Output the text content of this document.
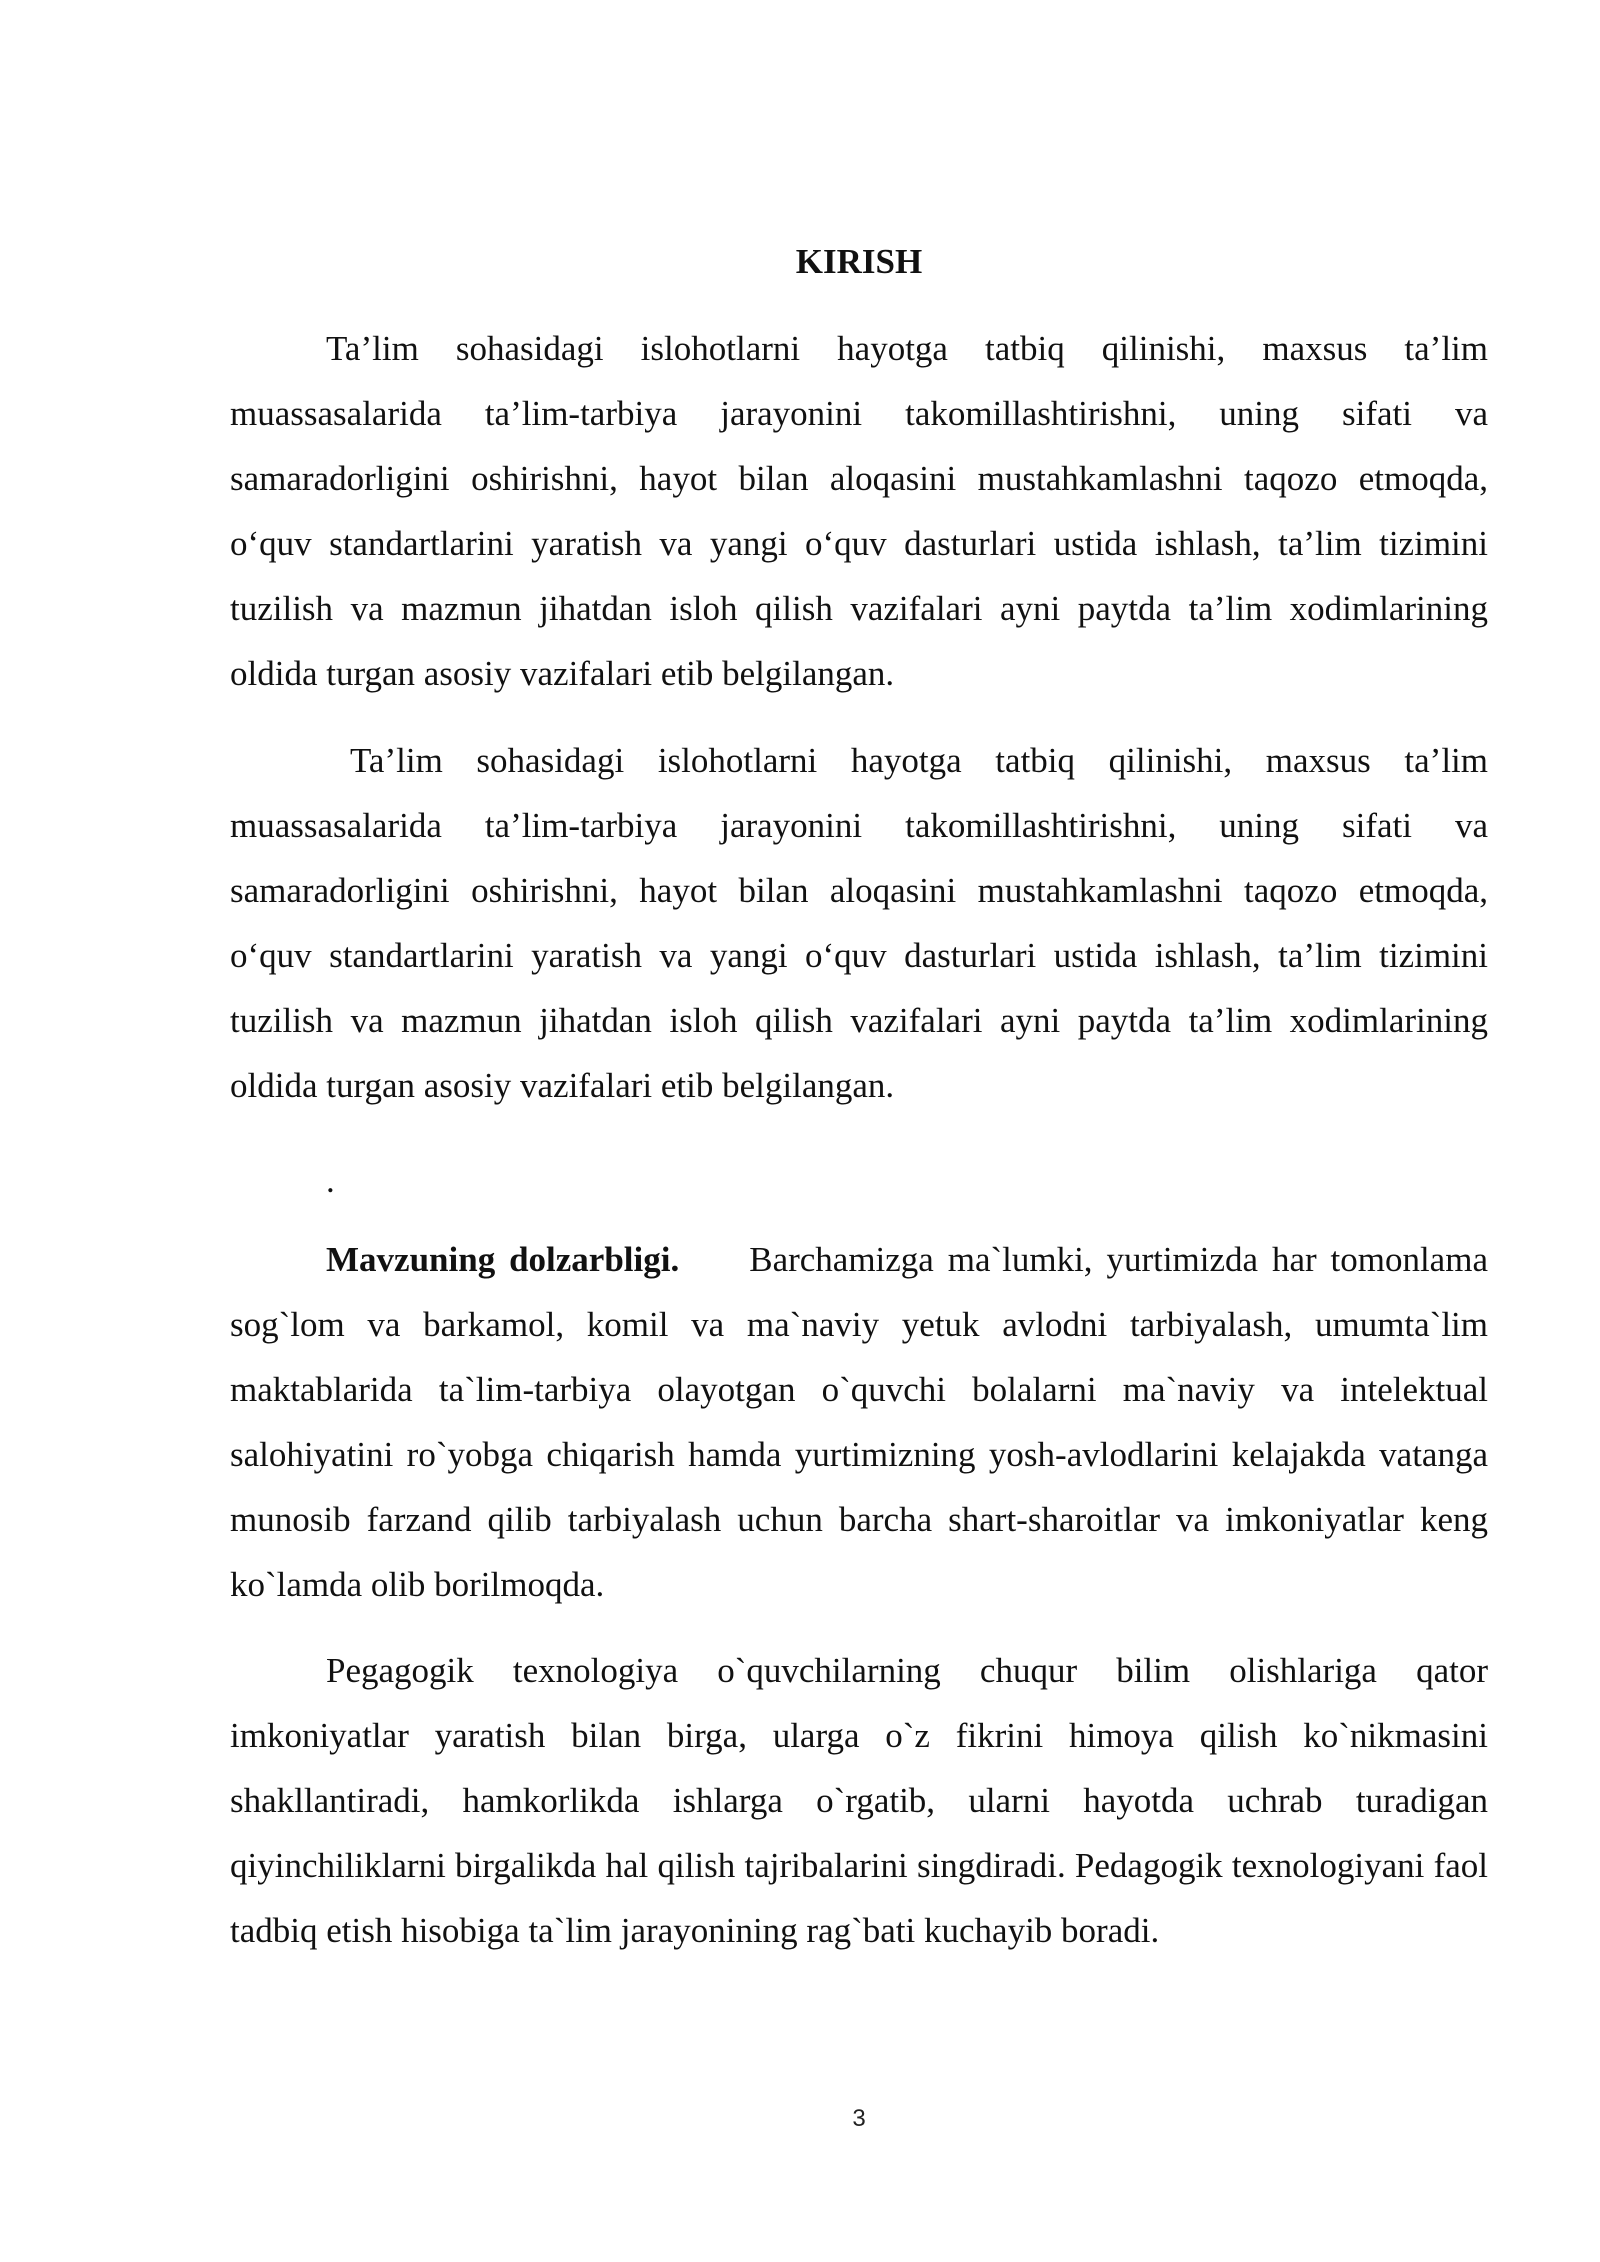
KIRISH

Ta’lim sohasidagi islohotlarni hayotga tatbiq qilinishi, maxsus ta’lim muassasalarida ta’lim-tarbiya jarayonini takomillashtirishni, uning sifati va samaradorligini oshirishni, hayot bilan aloqasini mustahkamlashni taqozo etmoqda, o‘quv standartlarini yaratish va yangi o‘quv dasturlari ustida ishlash, ta’lim tizimini tuzilish va mazmun jihatdan isloh qilish vazifalari ayni paytda ta’lim xodimlarining oldida turgan asosiy vazifalari etib belgilangan.

Ta’lim sohasidagi islohotlarni hayotga tatbiq qilinishi, maxsus ta’lim muassasalarida ta’lim-tarbiya jarayonini takomillashtirishni, uning sifati va samaradorligini oshirishni, hayot bilan aloqasini mustahkamlashni taqozo etmoqda, o‘quv standartlarini yaratish va yangi o‘quv dasturlari ustida ishlash, ta’lim tizimini tuzilish va mazmun jihatdan isloh qilish vazifalari ayni paytda ta’lim xodimlarining oldida turgan asosiy vazifalari etib belgilangan.

.

Mavzuning dolzarbligi. Barchamizga ma`lumki, yurtimizda har tomonlama sog`lom va barkamol, komil va ma`naviy yetuk avlodni tarbiyalash, umumta`lim maktablarida ta`lim-tarbiya olayotgan o`quvchi bolalarni ma`naviy va intelektual salohiyatini ro`yobga chiqarish hamda yurtimizning yosh-avlodlarini kelajakda vatanga munosib farzand qilib tarbiyalash uchun barcha shart-sharoitlar va imkoniyatlar keng ko`lamda olib borilmoqda.

Pegagogik texnologiya o`quvchilarning chuqur bilim olishlariga qator imkoniyatlar yaratish bilan birga, ularga o`z fikrini himoya qilish ko`nikmasini shakllantiradi, hamkorlikda ishlarga o`rgatib, ularni hayotda uchrab turadigan qiyinchiliklarni birgalikda hal qilish tajribalarini singdiradi. Pedagogik texnologiyani faol tadbiq etish hisobiga ta`lim jarayonining rag`bati kuchayib boradi.

3
